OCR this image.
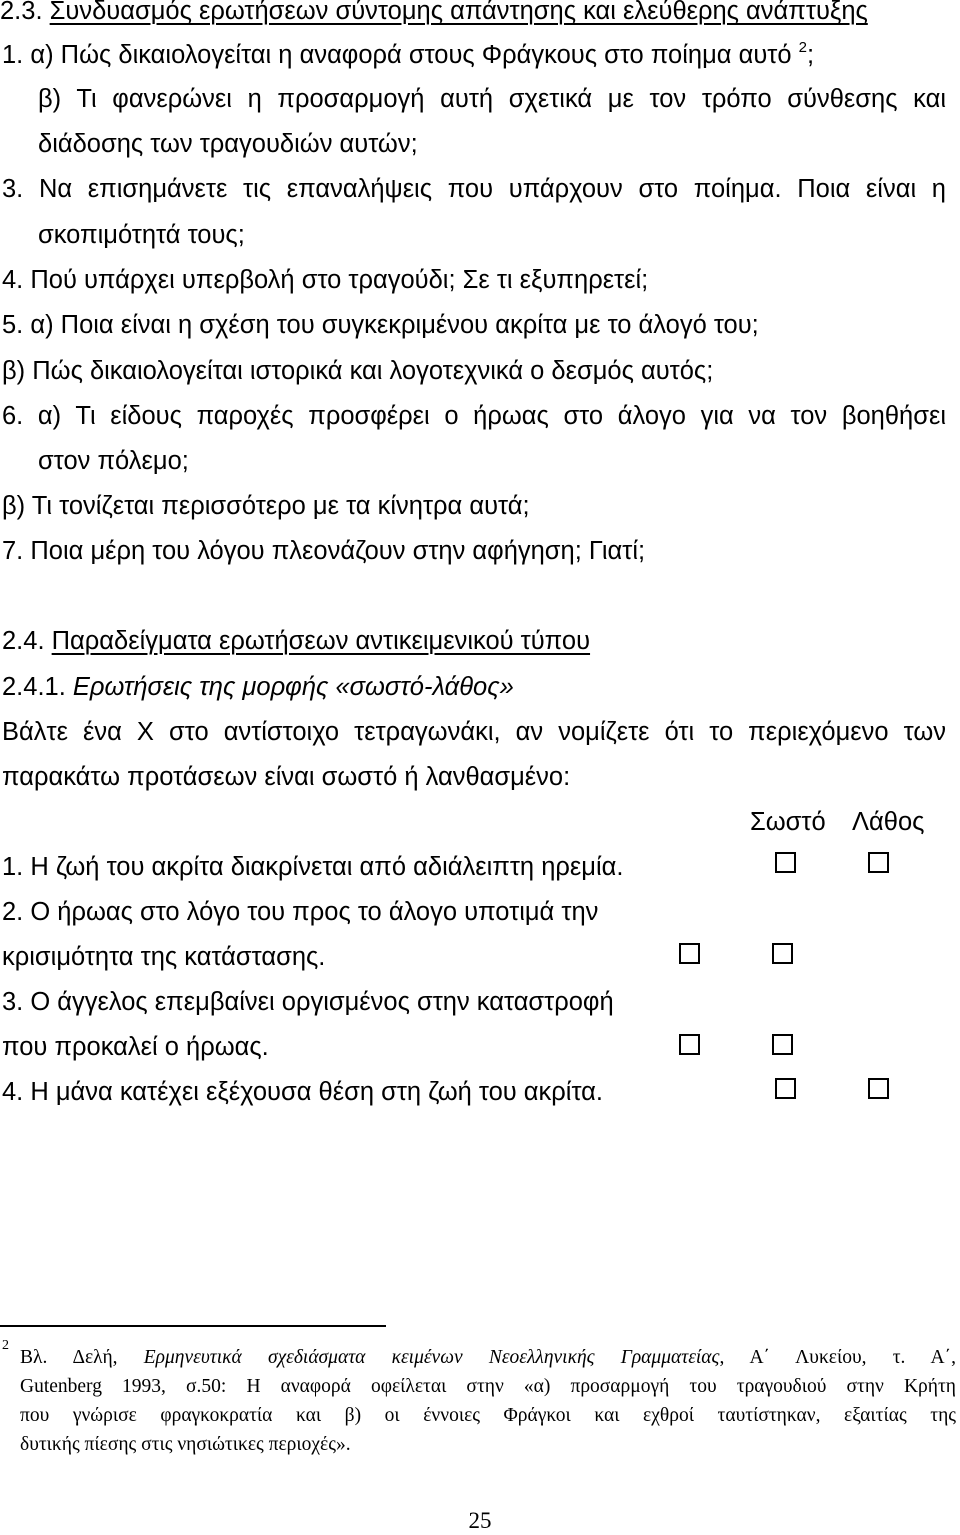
2.3. Συνδυασμός ερωτήσεων σύντομης απάντησης και ελεύθερης ανάπτυξης
1. α) Πώς δικαιολογείται η αναφορά στους Φράγκους στο ποίημα αυτό $^2$;
β) Τι φανερώνει η προσαρμογή αυτή σχετικά με τον τρόπο σύνθεσης και
διάδοσης των τραγουδιών αυτών;
3. Να επισημάνετε τις επαναλήψεις που υπάρχουν στο ποίημα. Ποια είναι η
σκοπιμότητά τους;
4. Πού υπάρχει υπερβολή στο τραγούδι; Σε τι εξυπηρετεί;
5. α) Ποια είναι η σχέση του συγκεκριμένου ακρίτα με το άλογό του;
β) Πώς δικαιολογείται ιστορικά και λογοτεχνικά ο δεσμός αυτός;
6. α) Τι είδους παροχές προσφέρει ο ήρωας στο άλογο για να τον βοηθήσει
στον πόλεμο;
β) Τι τονίζεται περισσότερο με τα κίνητρα αυτά;
7. Ποια μέρη του λόγου πλεονάζουν στην αφήγηση; Γιατί;
2.4. Παραδείγματα ερωτήσεων αντικειμενικού τύπου
2.4.1. Ερωτήσεις της μορφής «σωστό-λάθος»
Βάλτε ένα Χ στο αντίστοιχο τετραγωνάκι, αν νομίζετε ότι το περιεχόμενο των
παρακάτω προτάσεων είναι σωστό ή λανθασμένο:
Σωστό Λάθος
1. Η ζωή του ακρίτα διακρίνεται από αδιάλειπτη ηρεμία.
2. Ο ήρωας στο λόγο του προς το άλογο υποτιμά την
κρισιμότητα της κατάστασης.
3. Ο άγγελος επεμβαίνει οργισμένος στην καταστροφή
που προκαλεί ο ήρωας.
4. Η μάνα κατέχει εξέχουσα θέση στη ζωή του ακρίτα.
2
Βλ. Δελή, Ερμηνευτικά σχεδιάσματα κειμένων Νεοελληνικής Γραμματείας, Α΄ Λυκείου, τ. Α΄,
Gutenberg 1993, σ.50: Η αναφορά οφείλεται στην «α) προσαρμογή του τραγουδιού στην Κρήτη
που γνώρισε φραγκοκρατία και β) οι έννοιες Φράγκοι και εχθροί ταυτίστηκαν, εξαιτίας της
δυτικής πίεσης στις νησιώτικες περιοχές».
25
